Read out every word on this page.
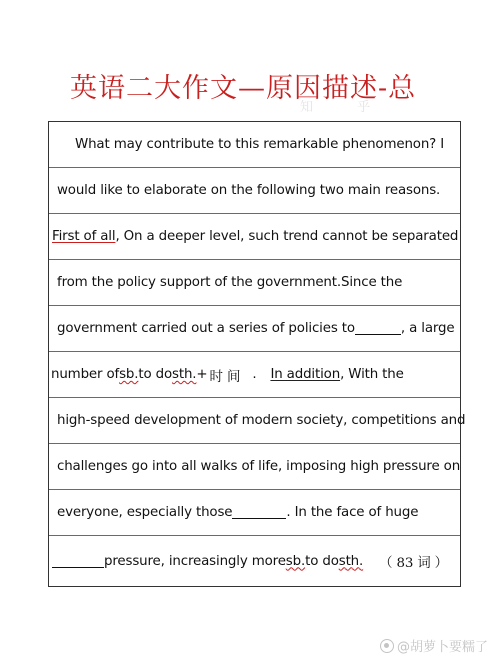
英语二大作文—原因描述-总
知 乎
What may contribute to this remarkable phenomenon? I
would like to elaborate on the following two main reasons.
First of all , On a deeper level, such trend cannot be separated
from the policy support of the government.Since the
government carried out a series of policies to	, a large
number of sb. to do sth. + 时 间 . In addition , With the
high-speed development of modern society, competitions and
challenges go into all walks of life, imposing high pressure on
everyone, especially those	. In the face of huge
pressure, increasingly more sb. to do sth. （ 83 词 ）
@胡萝卜要糯了
